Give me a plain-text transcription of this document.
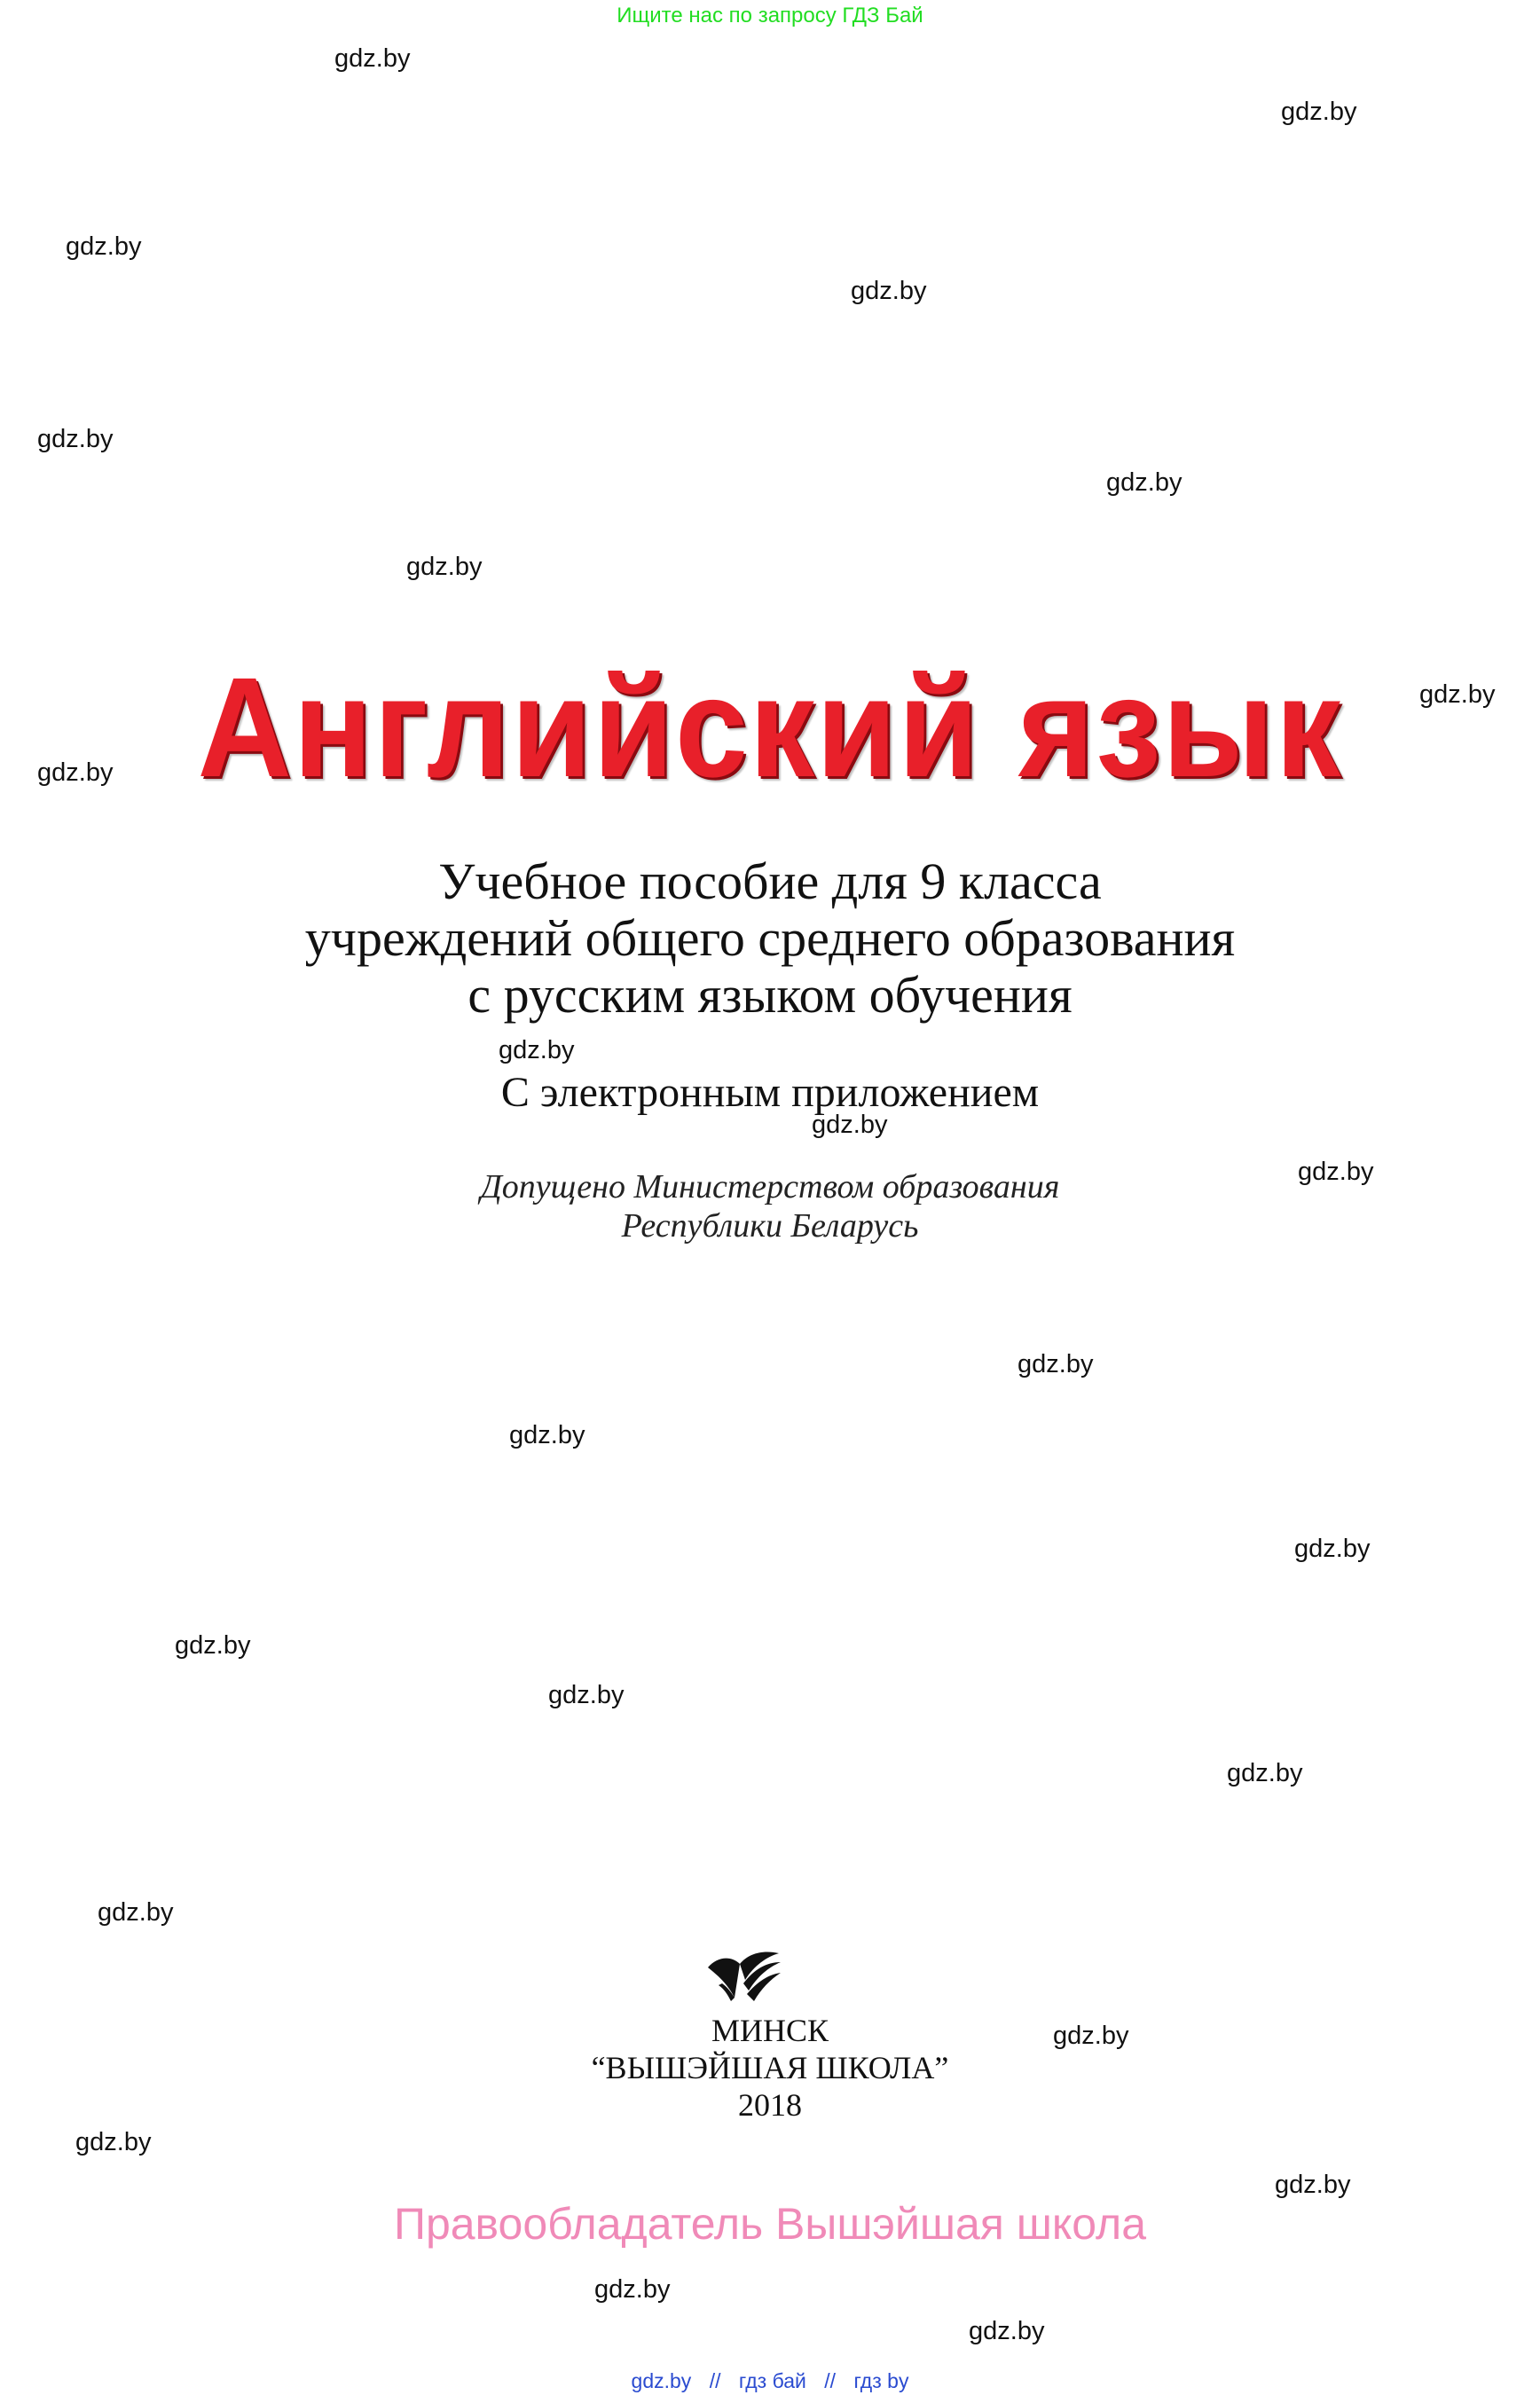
Ищите нас по запросу ГДЗ Бай
gdz.by
gdz.by
gdz.by
gdz.by
gdz.by
gdz.by
gdz.by
gdz.by
gdz.by
gdz.by
gdz.by
gdz.by
gdz.by
gdz.by
gdz.by
gdz.by
gdz.by
gdz.by
gdz.by
gdz.by
gdz.by
gdz.by
gdz.by
gdz.by
Английский язык
Учебное пособие для 9 класса
учреждений общего среднего образования
с русским языком обучения
С электронным приложением
Допущено Министерством образования
Республики Беларусь
МИНСК
“ВЫШЭЙШАЯ ШКОЛА”
2018
Правообладатель Вышэйшая школа
gdz.by // гдз бай // гдз by
